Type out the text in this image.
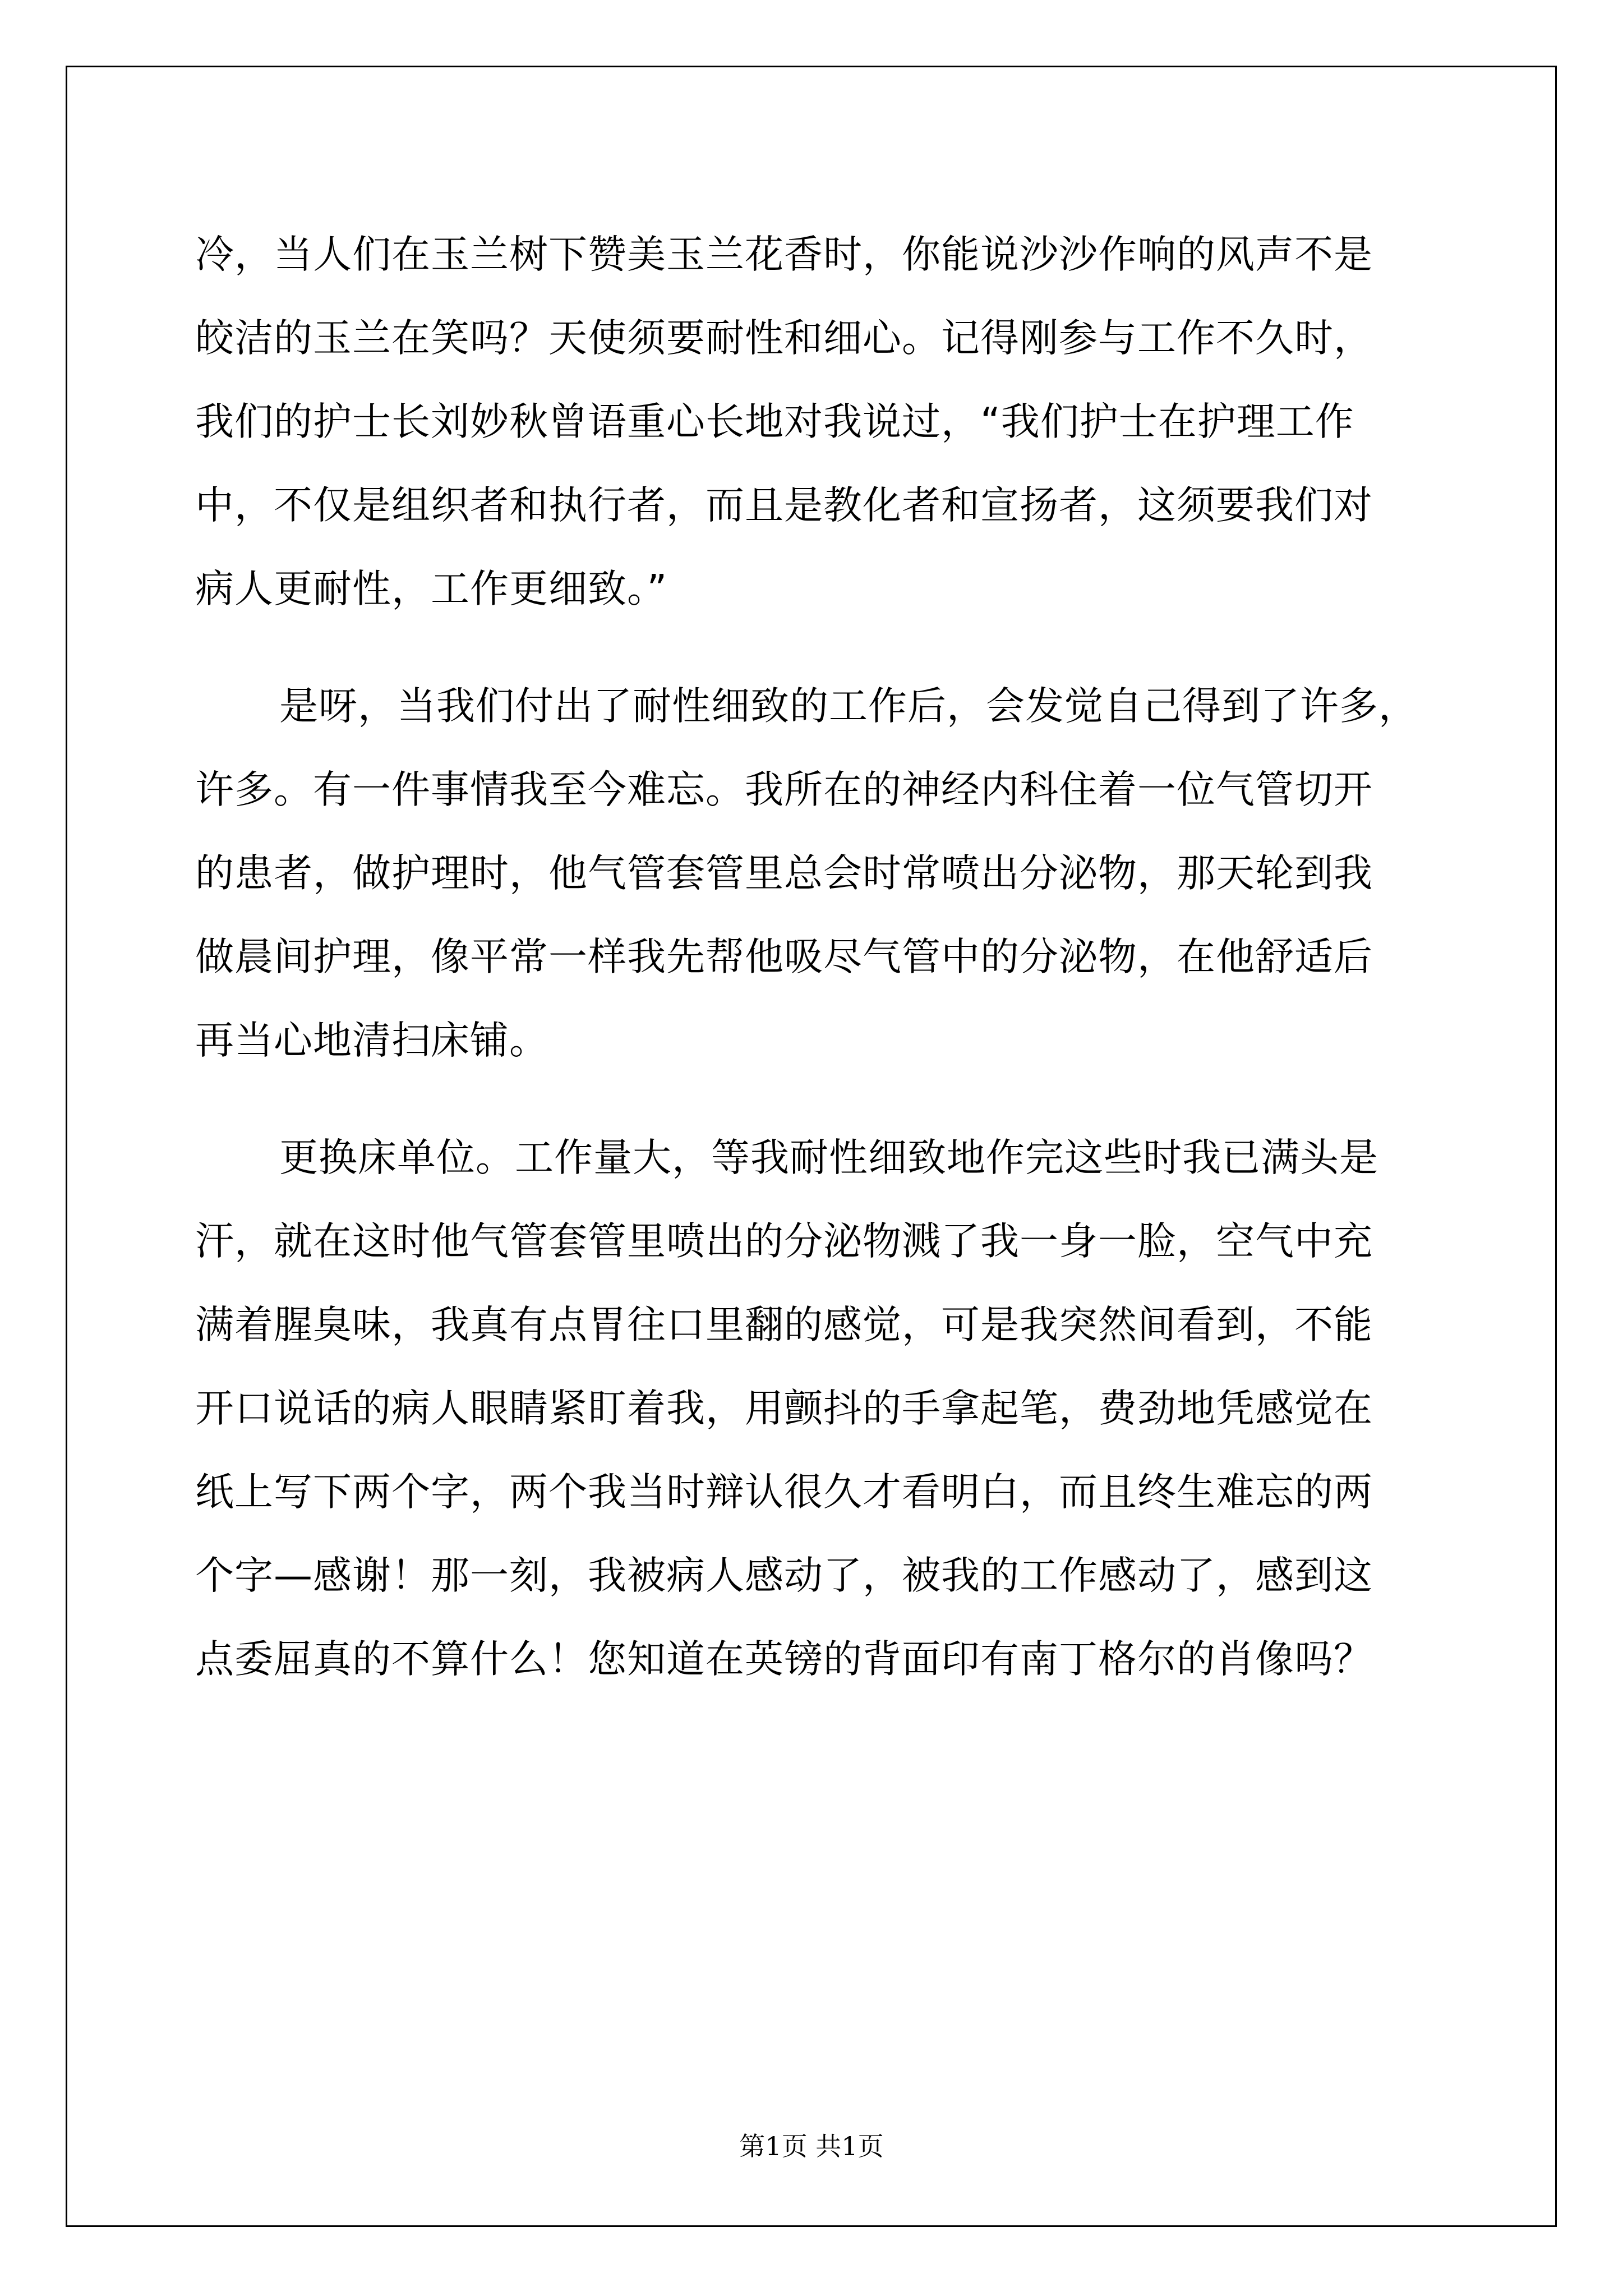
冷，当人们在玉兰树下赞美玉兰花香时，你能说沙沙作响的风声不是
皎洁的玉兰在笑吗？天使须要耐性和细心。记得刚参与工作不久时，
我们的护士长刘妙秋曾语重心长地对我说过，“我们护士在护理工作
中，不仅是组织者和执行者，而且是教化者和宣扬者，这须要我们对
病人更耐性，工作更细致。”
是呀，当我们付出了耐性细致的工作后，会发觉自己得到了许多，
许多。有一件事情我至今难忘。我所在的神经内科住着一位气管切开
的患者，做护理时，他气管套管里总会时常喷出分泌物，那天轮到我
做晨间护理，像平常一样我先帮他吸尽气管中的分泌物，在他舒适后
再当心地清扫床铺。
更换床单位。工作量大，等我耐性细致地作完这些时我已满头是
汗，就在这时他气管套管里喷出的分泌物溅了我一身一脸，空气中充
满着腥臭味，我真有点胃往口里翻的感觉，可是我突然间看到，不能
开口说话的病人眼睛紧盯着我，用颤抖的手拿起笔，费劲地凭感觉在
纸上写下两个字，两个我当时辩认很久才看明白，而且终生难忘的两
个字—感谢！那一刻，我被病人感动了，被我的工作感动了，感到这
点委屈真的不算什么！您知道在英镑的背面印有南丁格尔的肖像吗？
第1页 共1页
